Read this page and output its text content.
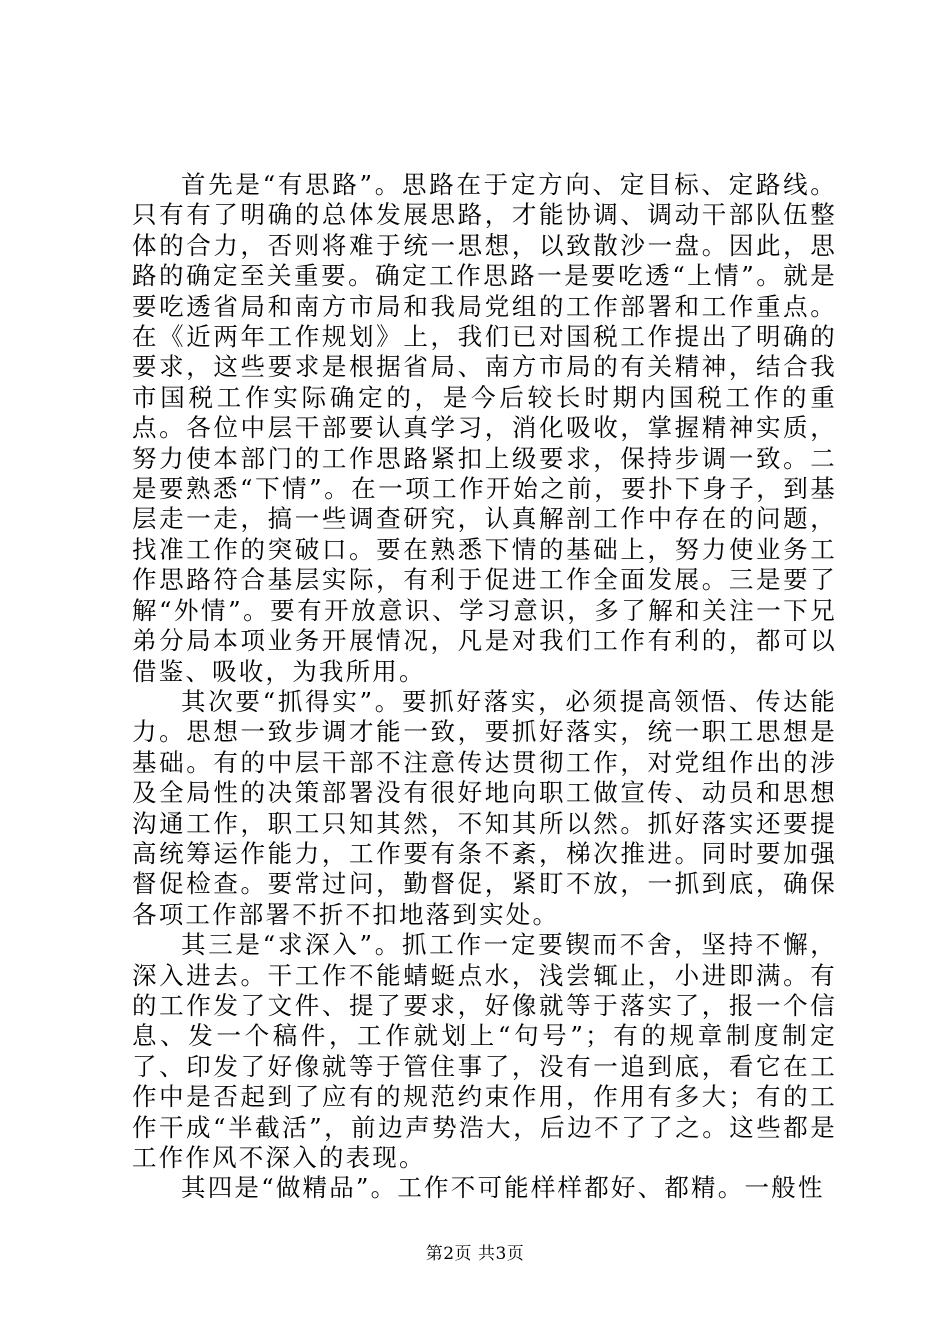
首先是“有思路”。思路在于定方向、定目标、定路线。只有有了明确的总体发展思路，才能协调、调动干部队伍整体的合力，否则将难于统一思想，以致散沙一盘。因此，思路的确定至关重要。确定工作思路一是要吃透“上情”。就是要吃透省局和南方市局和我局党组的工作部署和工作重点。在《近两年工作规划》上，我们已对国税工作提出了明确的要求，这些要求是根据省局、南方市局的有关精神，结合我市国税工作实际确定的，是今后较长时期内国税工作的重点。各位中层干部要认真学习，消化吸收，掌握精神实质，努力使本部门的工作思路紧扣上级要求，保持步调一致。二是要熟悉“下情”。在一项工作开始之前，要扑下身子，到基层走一走，搞一些调查研究，认真解剖工作中存在的问题，找准工作的突破口。要在熟悉下情的基础上，努力使业务工作思路符合基层实际，有利于促进工作全面发展。三是要了解“外情”。要有开放意识、学习意识，多了解和关注一下兄弟分局本项业务开展情况，凡是对我们工作有利的，都可以借鉴、吸收，为我所用。

其次要“抓得实”。要抓好落实，必须提高领悟、传达能力。思想一致步调才能一致，要抓好落实，统一职工思想是基础。有的中层干部不注意传达贯彻工作，对党组作出的涉及全局性的决策部署没有很好地向职工做宣传、动员和思想沟通工作，职工只知其然，不知其所以然。抓好落实还要提高统筹运作能力，工作要有条不紊，梯次推进。同时要加强督促检查。要常过问，勤督促，紧盯不放，一抓到底，确保各项工作部署不折不扣地落到实处。

其三是“求深入”。抓工作一定要锲而不舍，坚持不懈，深入进去。干工作不能蜻蜓点水，浅尝辄止，小进即满。有的工作发了文件、提了要求，好像就等于落实了，报一个信息、发一个稿件，工作就划上“句号”；有的规章制度制定了、印发了好像就等于管住事了，没有一追到底，看它在工作中是否起到了应有的规范约束作用，作用有多大；有的工作干成“半截活”，前边声势浩大，后边不了了之。这些都是工作作风不深入的表现。

其四是“做精品”。工作不可能样样都好、都精。一般性

第2页 共3页
